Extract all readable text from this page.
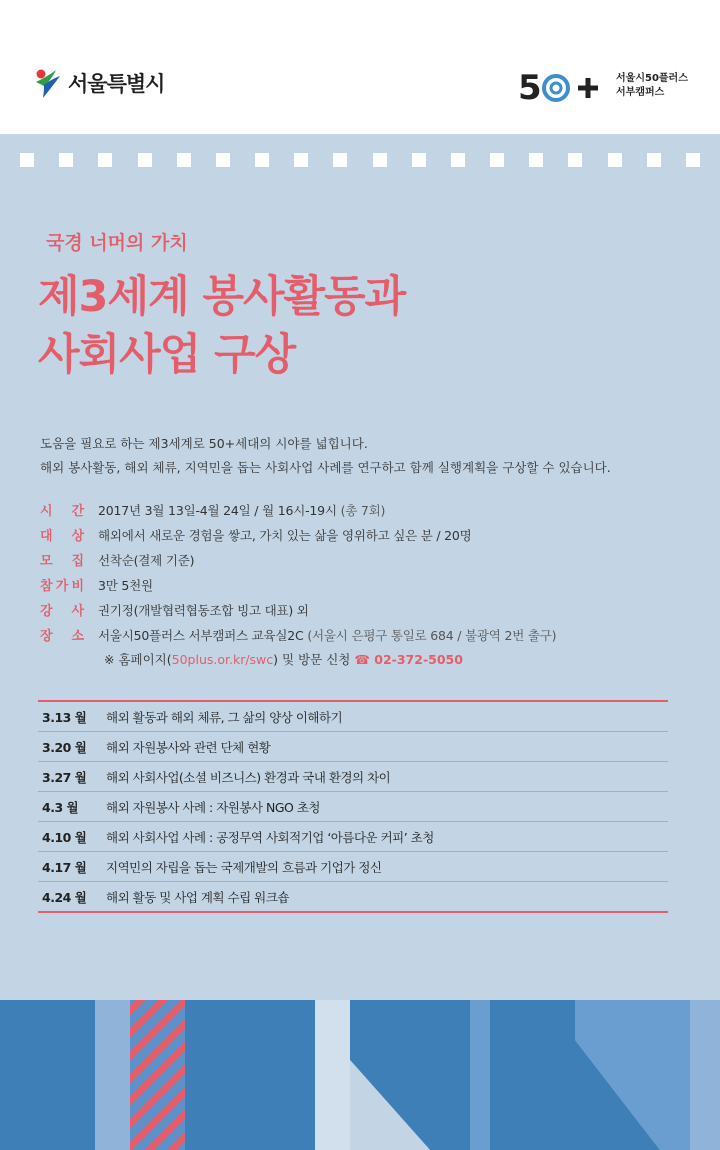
서울특별시	5	서울시50플러스
서부캠퍼스
국경 너머의 가치
제3세계 봉사활동과
사회사업 구상

도움을 필요로 하는 제3세계로 50+세대의 시야를 넓힙니다.

해외 봉사활동, 해외 체류, 지역민을 돕는 사회사업 사례를 연구하고 함께 실행계획을 구상할 수 있습니다.

시 간 2017년 3월 13일-4월 24일 / 월 16시-19시 (총 7회)
대 상 해외에서 새로운 경험을 쌓고, 가치 있는 삶을 영위하고 싶은 분 / 20명
모 집 선착순(결제 기준)
참 가 비 3만 5천원
강 사 권기정(개발협력협동조합 빙고 대표) 외
장 소 서울시50플러스 서부캠퍼스 교육실2C (서울시 은평구 통일로 684 / 불광역 2번 출구)
※ 홈페이지(50plus.or.kr/swc) 및 방문 신청 ☎ 02-372-5050
3.13 월	해외 활동과 해외 체류, 그 삶의 양상 이해하기
3.20 월	해외 자원봉사와 관련 단체 현황
3.27 월	해외 사회사업(소셜 비즈니스) 환경과 국내 환경의 차이
4.3 월	해외 자원봉사 사례 : 자원봉사 NGO 초청
4.10 월	해외 사회사업 사례 : 공정무역 사회적기업 ‘아름다운 커피’ 초청
4.17 월	지역민의 자립을 돕는 국제개발의 흐름과 기업가 정신
4.24 월	해외 활동 및 사업 계획 수립 워크숍
